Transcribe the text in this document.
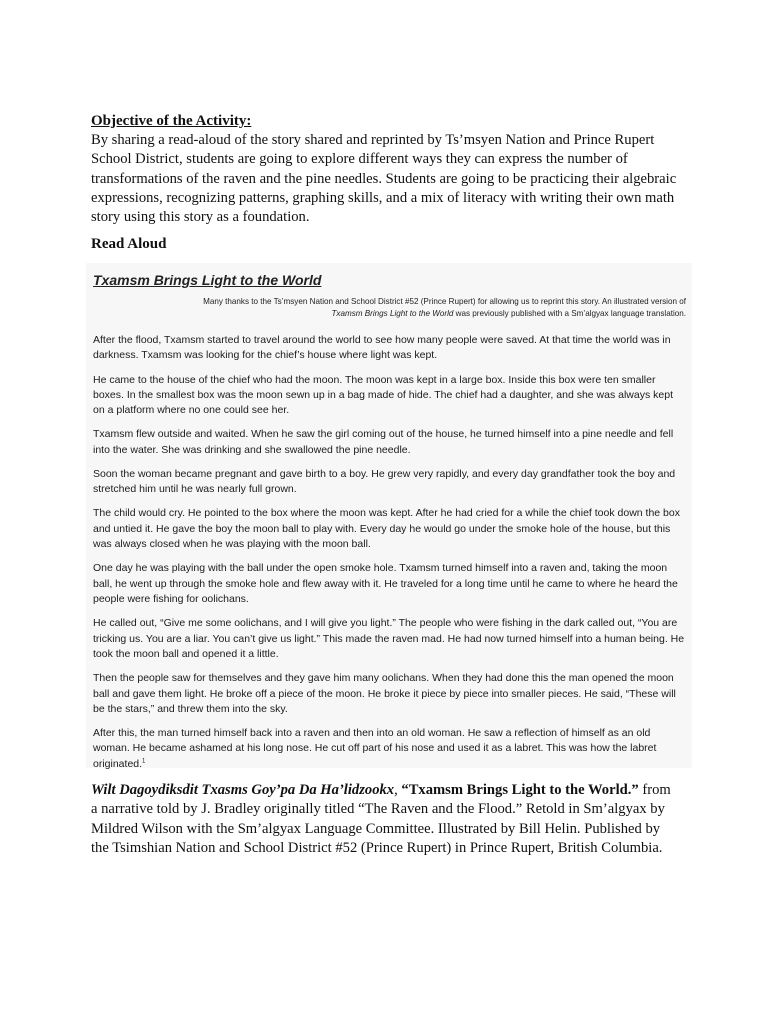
Objective of the Activity:

By sharing a read-aloud of the story shared and reprinted by Ts’msyen Nation and Prince Rupert School District, students are going to explore different ways they can express the number of transformations of the raven and the pine needles. Students are going to be practicing their algebraic expressions, recognizing patterns, graphing skills, and a mix of literacy with writing their own math story using this story as a foundation.

Read Aloud

Txamsm Brings Light to the World

Many thanks to the Ts’msyen Nation and School District #52 (Prince Rupert) for allowing us to reprint this story. An illustrated version of
Txamsm Brings Light to the World was previously published with a Sm’algyax language translation.

After the flood, Txamsm started to travel around the world to see how many people were saved. At that time the world was in darkness. Txamsm was looking for the chief’s house where light was kept.

He came to the house of the chief who had the moon. The moon was kept in a large box. Inside this box were ten smaller boxes. In the smallest box was the moon sewn up in a bag made of hide. The chief had a daughter, and she was always kept on a platform where no one could see her.

Txamsm flew outside and waited. When he saw the girl coming out of the house, he turned himself into a pine needle and fell into the water. She was drinking and she swallowed the pine needle.

Soon the woman became pregnant and gave birth to a boy. He grew very rapidly, and every day grandfather took the boy and stretched him until he was nearly full grown.

The child would cry. He pointed to the box where the moon was kept. After he had cried for a while the chief took down the box and untied it. He gave the boy the moon ball to play with. Every day he would go under the smoke hole of the house, but this was always closed when he was playing with the moon ball.

One day he was playing with the ball under the open smoke hole. Txamsm turned himself into a raven and, taking the moon ball, he went up through the smoke hole and flew away with it. He traveled for a long time until he came to where he heard the people were fishing for oolichans.

He called out, “Give me some oolichans, and I will give you light.” The people who were fishing in the dark called out, “You are tricking us. You are a liar. You can’t give us light.” This made the raven mad. He had now turned himself into a human being. He took the moon ball and opened it a little.

Then the people saw for themselves and they gave him many oolichans. When they had done this the man opened the moon ball and gave them light. He broke off a piece of the moon. He broke it piece by piece into smaller pieces. He said, “These will be the stars,” and threw them into the sky.

After this, the man turned himself back into a raven and then into an old woman. He saw a reflection of himself as an old woman. He became ashamed at his long nose. He cut off part of his nose and used it as a labret. This was how the labret originated.$^1$

Wilt Dagoydiksdit Txasms Goy’pa Da Ha’lidzookx, “Txamsm Brings Light to the World.” from a narrative told by J. Bradley originally titled “The Raven and the Flood.” Retold in Sm’algyax by Mildred Wilson with the Sm’algyax Language Committee. Illustrated by Bill Helin. Published by the Tsimshian Nation and School District #52 (Prince Rupert) in Prince Rupert, British Columbia.
